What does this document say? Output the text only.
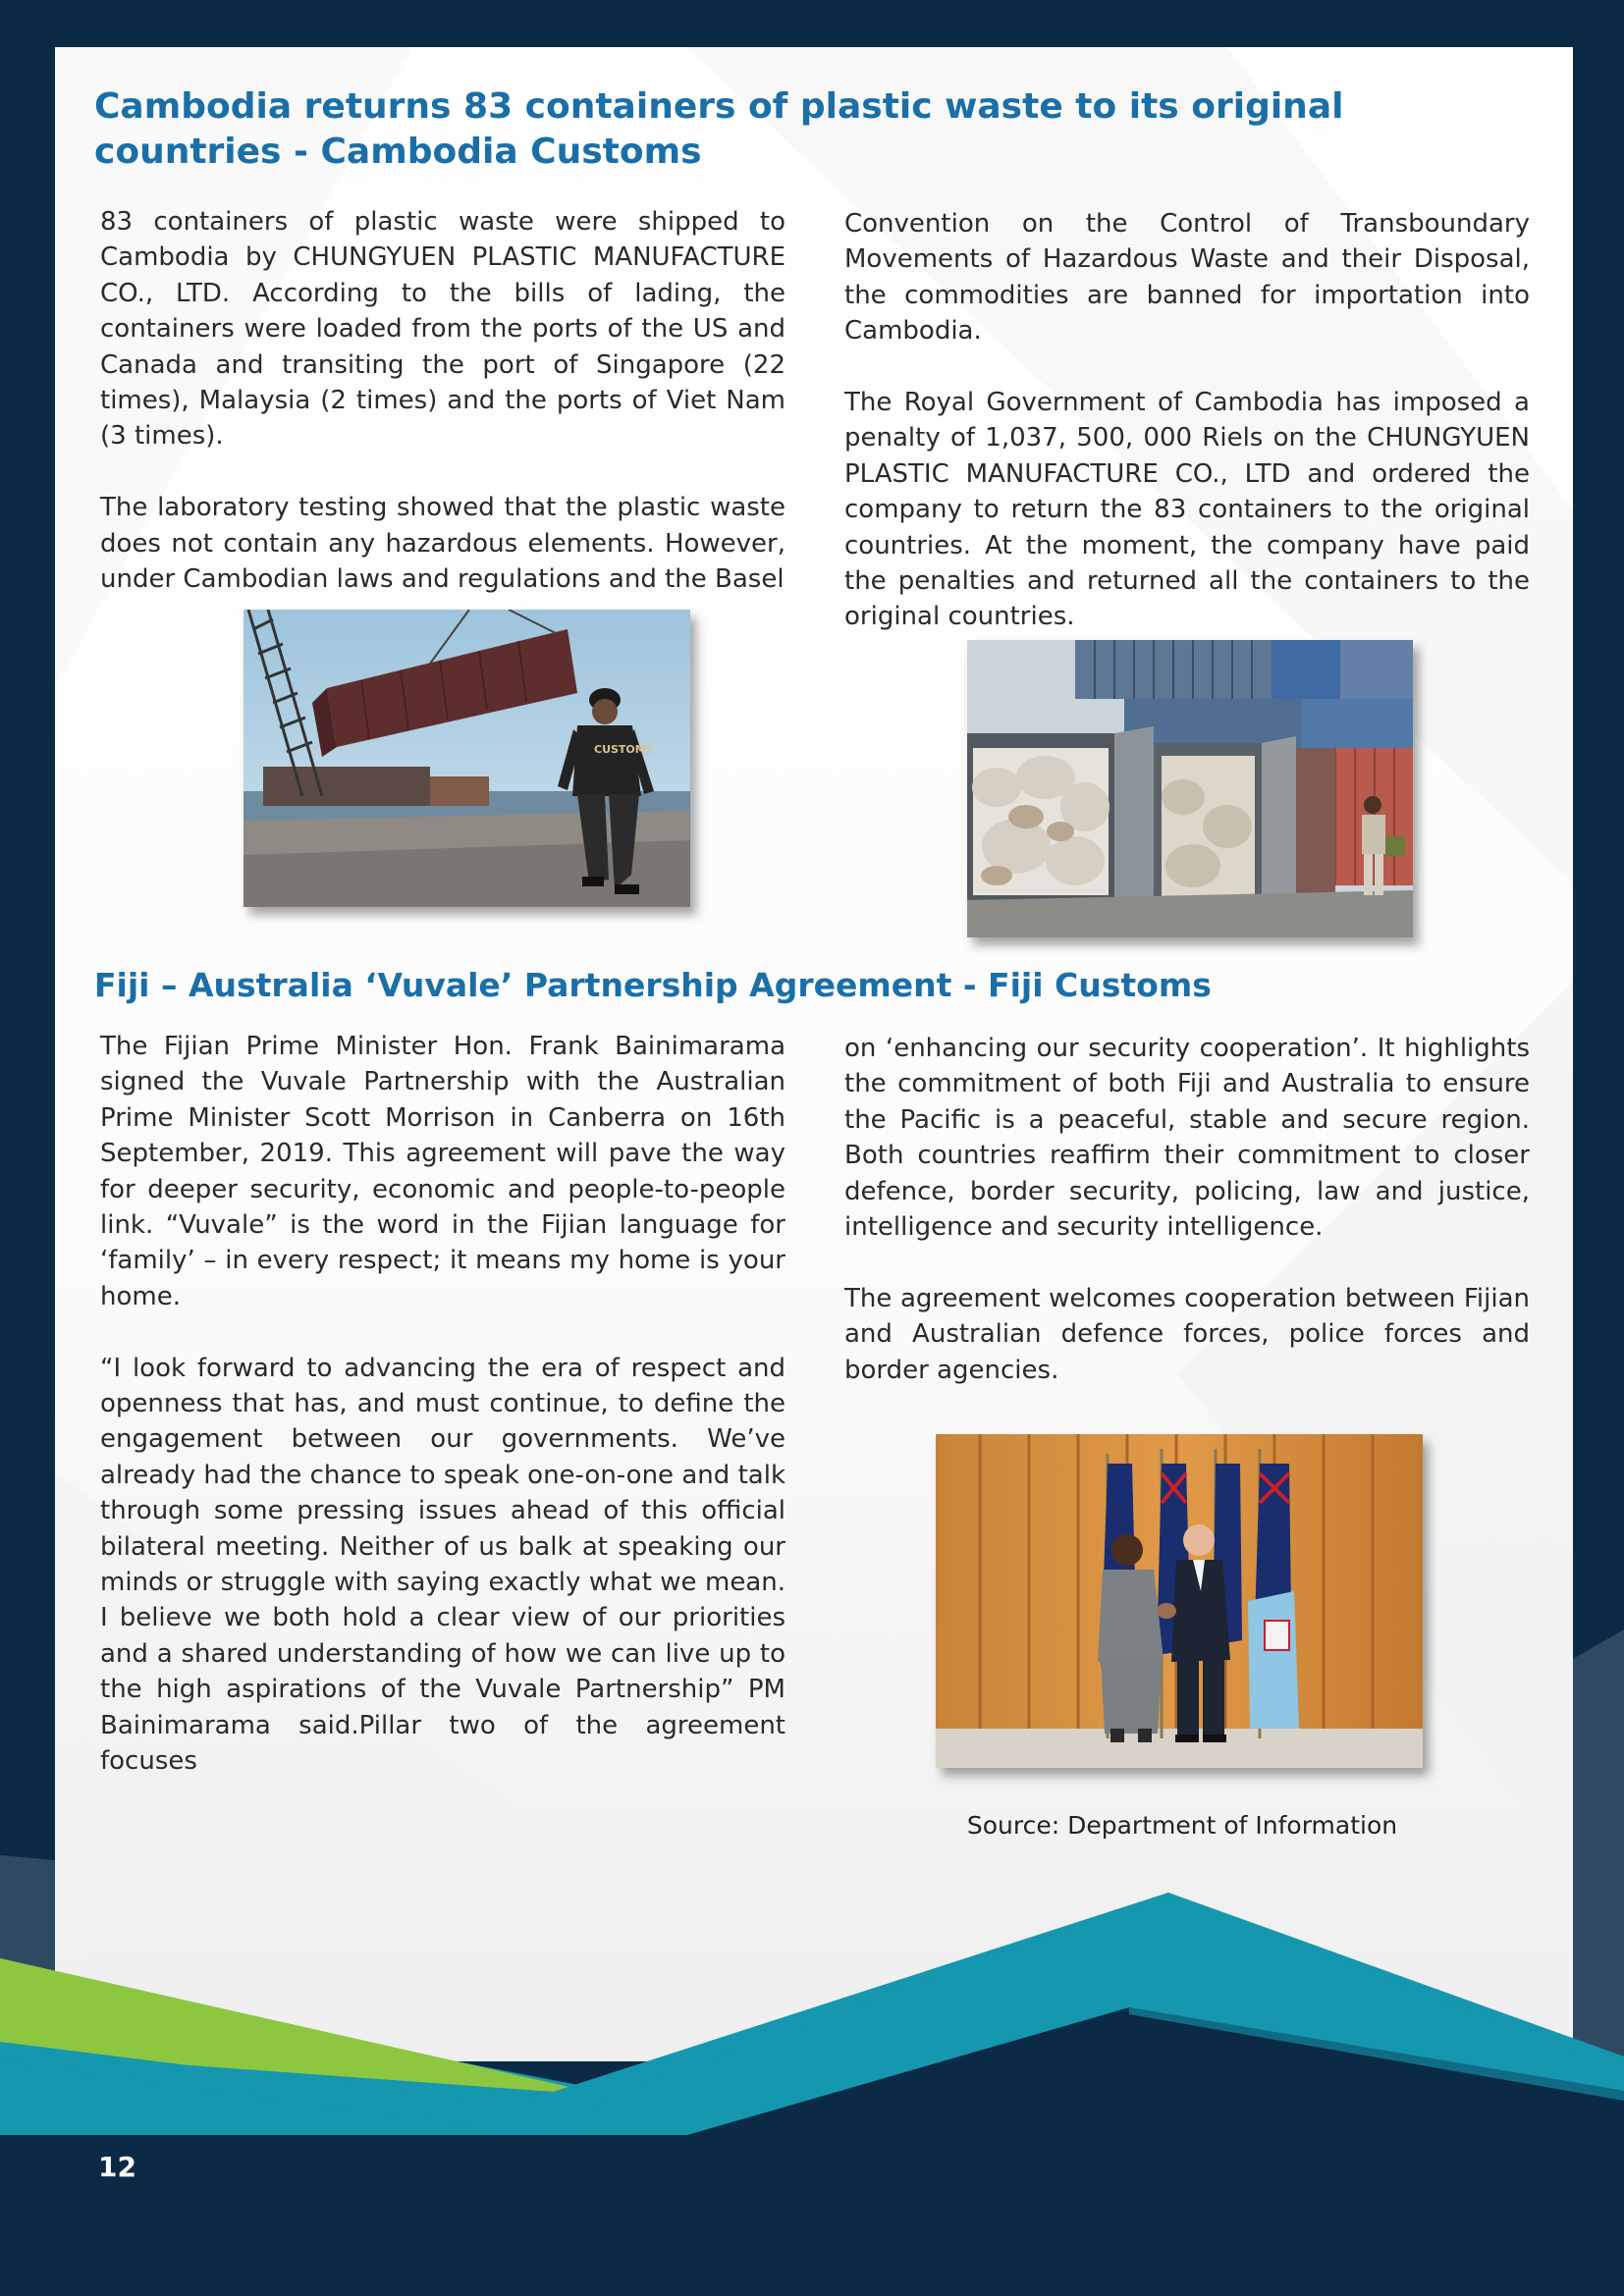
Cambodia returns 83 containers of plastic waste to its original countries - Cambodia Customs

83 containers of plastic waste were shipped to Cambodia by CHUNGYUEN PLASTIC MANUFACTURE CO., LTD. According to the bills of lading, the containers were loaded from the ports of the US and Canada and transiting the port of Singapore (22 times), Malaysia (2 times) and the ports of Viet Nam (3 times).

The laboratory testing showed that the plastic waste does not contain any hazardous elements. However, under Cambodian laws and regulations and the Basel

Convention on the Control of Transboundary Movements of Hazardous Waste and their Disposal, the commodities are banned for importation into Cambodia.

The Royal Government of Cambodia has imposed a penalty of 1,037, 500, 000 Riels on the CHUNGYUEN PLASTIC MANUFACTURE CO., LTD and ordered the company to return the 83 containers to the original countries. At the moment, the company have paid the penalties and returned all the containers to the original countries.

CUSTOMS
Fiji – Australia ‘Vuvale’ Partnership Agreement - Fiji Customs

The Fijian Prime Minister Hon. Frank Bainimarama signed the Vuvale Partnership with the Australian Prime Minister Scott Morrison in Canberra on 16th September, 2019. This agreement will pave the way for deeper security, economic and people-to-people link. “Vuvale” is the word in the Fijian language for ‘family’ – in every respect; it means my home is your home.

“I look forward to advancing the era of respect and openness that has, and must continue, to define the engagement between our governments. We’ve already had the chance to speak one-on-one and talk through some pressing issues ahead of this official bilateral meeting. Neither of us balk at speaking our minds or struggle with saying exactly what we mean. I believe we both hold a clear view of our priorities and a shared understanding of how we can live up to the high aspirations of the Vuvale Partnership” PM Bainimarama said.Pillar two of the agreement focuses

on ‘enhancing our security cooperation’. It highlights the commitment of both Fiji and Australia to ensure the Pacific is a peaceful, stable and secure region. Both countries reaffirm their commitment to closer defence, border security, policing, law and justice, intelligence and security intelligence.

The agreement welcomes cooperation between Fijian and Australian defence forces, police forces and border agencies.

Source: Department of Information
12
